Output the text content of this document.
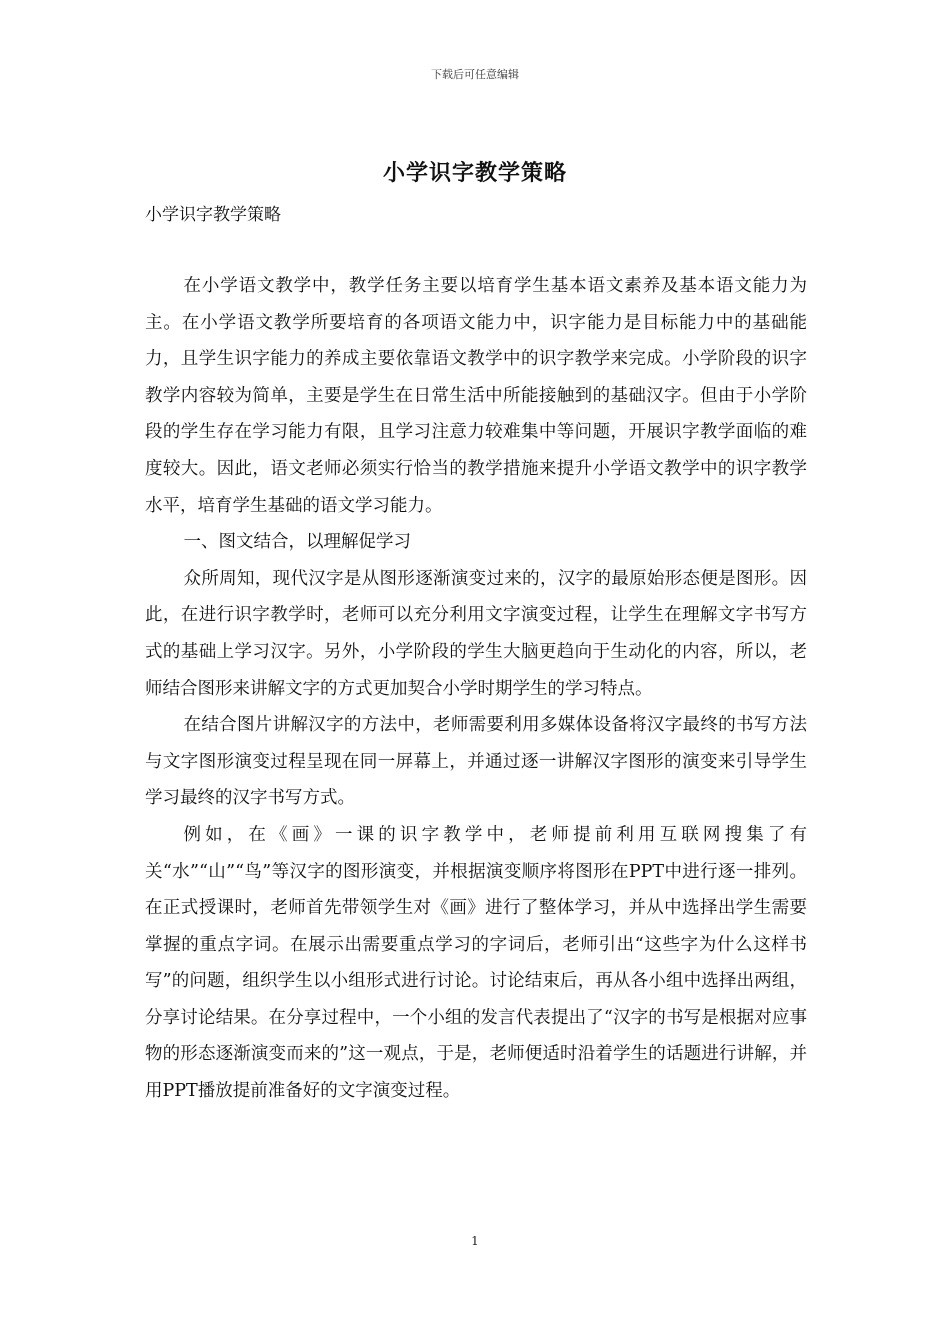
下载后可任意编辑
小学识字教学策略

小学识字教学策略

在小学语文教学中，教学任务主要以培育学生基本语文素养及基本语文能力为主。在小学语文教学所要培育的各项语文能力中，识字能力是目标能力中的基础能力，且学生识字能力的养成主要依靠语文教学中的识字教学来完成。小学阶段的识字教学内容较为简单，主要是学生在日常生活中所能接触到的基础汉字。但由于小学阶段的学生存在学习能力有限，且学习注意力较难集中等问题，开展识字教学面临的难度较大。因此，语文老师必须实行恰当的教学措施来提升小学语文教学中的识字教学水平，培育学生基础的语文学习能力。

一、图文结合，以理解促学习

众所周知，现代汉字是从图形逐渐演变过来的，汉字的最原始形态便是图形。因此，在进行识字教学时，老师可以充分利用文字演变过程，让学生在理解文字书写方式的基础上学习汉字。另外，小学阶段的学生大脑更趋向于生动化的内容，所以，老师结合图形来讲解文字的方式更加契合小学时期学生的学习特点。

在结合图片讲解汉字的方法中，老师需要利用多媒体设备将汉字最终的书写方法与文字图形演变过程呈现在同一屏幕上，并通过逐一讲解汉字图形的演变来引导学生学习最终的汉字书写方式。

例如，在《画》一课的识字教学中，老师提前利用互联网搜集了有关“水”“山”“鸟”等汉字的图形演变，并根据演变顺序将图形在PPT中进行逐一排列。在正式授课时，老师首先带领学生对《画》进行了整体学习，并从中选择出学生需要掌握的重点字词。在展示出需要重点学习的字词后，老师引出“这些字为什么这样书写”的问题，组织学生以小组形式进行讨论。讨论结束后，再从各小组中选择出两组，分享讨论结果。在分享过程中，一个小组的发言代表提出了“汉字的书写是根据对应事物的形态逐渐演变而来的”这一观点，于是，老师便适时沿着学生的话题进行讲解，并用PPT播放提前准备好的文字演变过程。

1
